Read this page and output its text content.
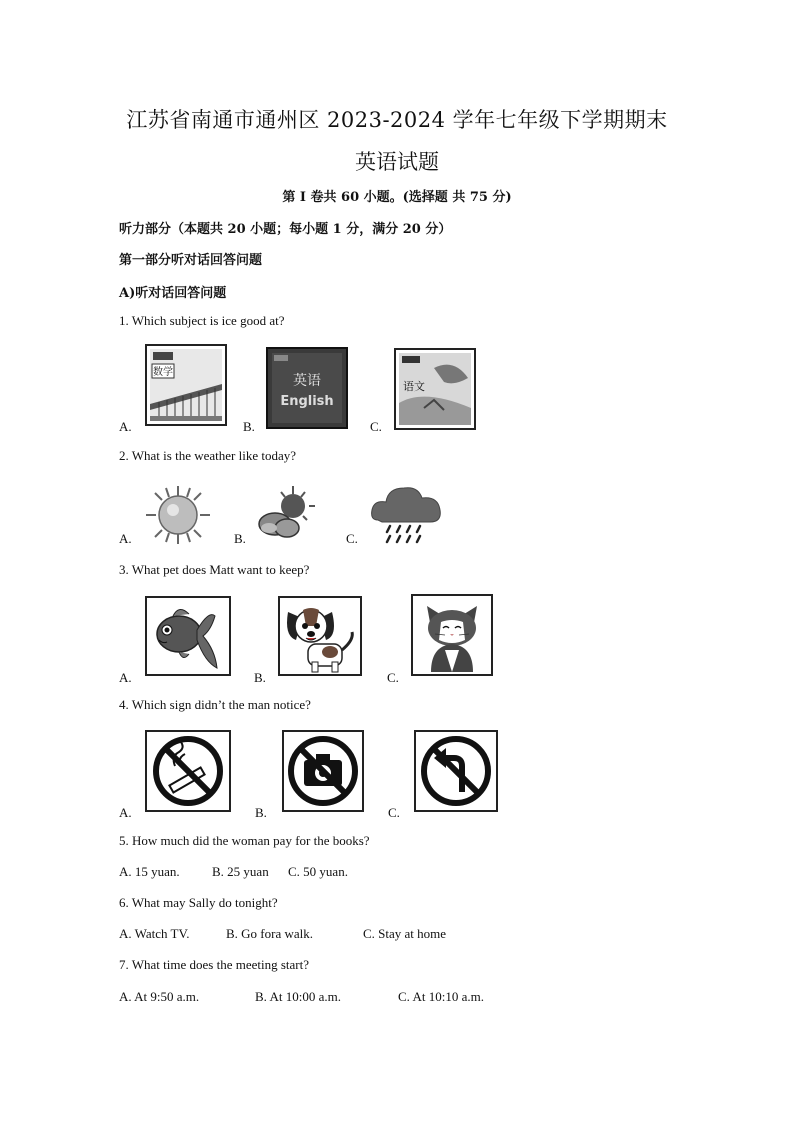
江苏省南通市通州区 2023-2024 学年七年级下学期期末
英语试题
第 I 卷共 60 小题。(选择题 共 75 分)
听力部分（本题共 20 小题；每小题 1 分，满分 20 分）
第一部分听对话回答问题
A)听对话回答问题
1. Which subject is ice good at?
A.	B.	C.
数学
英语
English
语文
2. What is the weather like today?
A.	B.	C.
3. What pet does Matt want to keep?
A.	B.	C.
4. Which sign didn’t the man notice?
A.	B.	C.
5. How much did the woman pay for the books?
A. 15 yuan. B. 25 yuan C. 50 yuan.
6. What may Sally do tonight?
A. Watch TV.	B. Go fora walk.	C. Stay at home
7. What time does the meeting start?
A. At 9:50 a.m.	B. At 10:00 a.m.	C. At 10:10 a.m.
